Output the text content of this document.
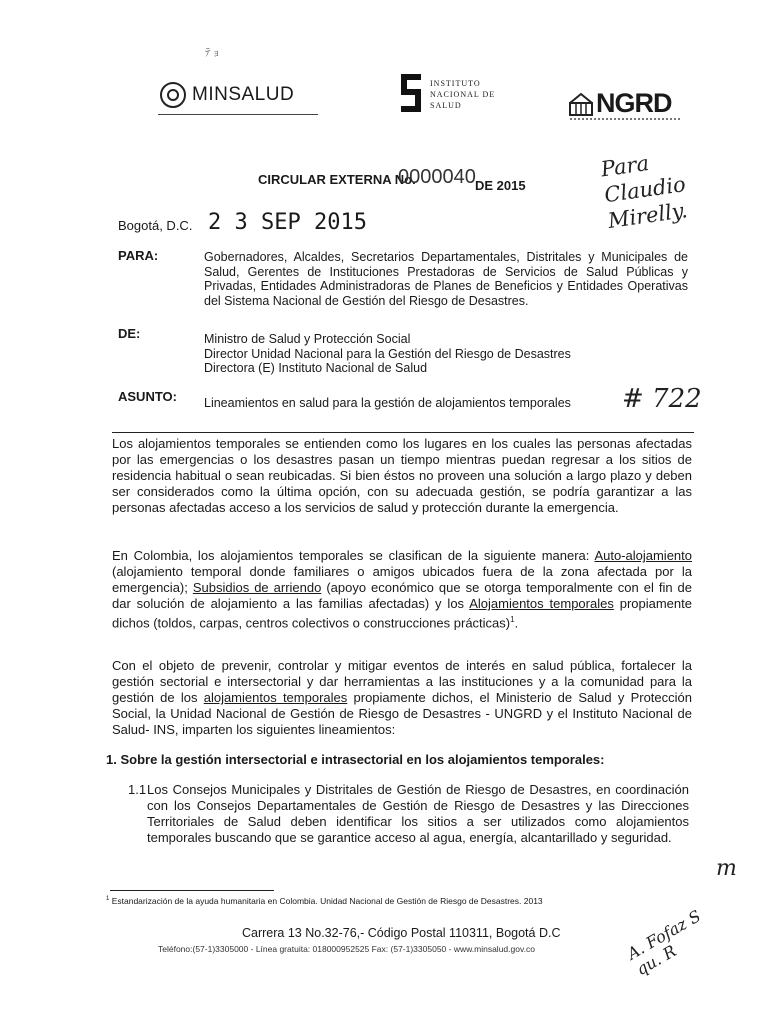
ﾃ ｮ
MINSALUD
INSTITUTO
NACIONAL DE
SALUD	NGRD
CIRCULAR EXTERNA No.
0000040 DE 2015
Para Claudio Mirelly.
Bogotá, D.C. 2 3 SEP 2015
PARA:	Gobernadores, Alcaldes, Secretarios Departamentales, Distritales y Municipales de Salud, Gerentes de Instituciones Prestadoras de Servicios de Salud Públicas y Privadas, Entidades Administradoras de Planes de Beneficios y Entidades Operativas del Sistema Nacional de Gestión del Riesgo de Desastres.
DE:	Ministro de Salud y Protección Social
Director Unidad Nacional para la Gestión del Riesgo de Desastres
Directora (E) Instituto Nacional de Salud
ASUNTO: Lineamientos en salud para la gestión de alojamientos temporales # 722
Los alojamientos temporales se entienden como los lugares en los cuales las personas afectadas por las emergencias o los desastres pasan un tiempo mientras puedan regresar a los sitios de residencia habitual o sean reubicadas. Si bien éstos no proveen una solución a largo plazo y deben ser considerados como la última opción, con su adecuada gestión, se podría garantizar a las personas afectadas acceso a los servicios de salud y protección durante la emergencia.
En Colombia, los alojamientos temporales se clasifican de la siguiente manera: Auto-alojamiento (alojamiento temporal donde familiares o amigos ubicados fuera de la zona afectada por la emergencia); Subsidios de arriendo (apoyo económico que se otorga temporalmente con el fin de dar solución de alojamiento a las familias afectadas) y los Alojamientos temporales propiamente dichos (toldos, carpas, centros colectivos o construcciones prácticas)$^1$.
Con el objeto de prevenir, controlar y mitigar eventos de interés en salud pública, fortalecer la gestión sectorial e intersectorial y dar herramientas a las instituciones y a la comunidad para la gestión de los alojamientos temporales propiamente dichos, el Ministerio de Salud y Protección Social, la Unidad Nacional de Gestión de Riesgo de Desastres - UNGRD y el Instituto Nacional de Salud- INS, imparten los siguientes lineamientos:
1. Sobre la gestión intersectorial e intrasectorial en los alojamientos temporales:
1.1 Los Consejos Municipales y Distritales de Gestión de Riesgo de Desastres, en coordinación con los Consejos Departamentales de Gestión de Riesgo de Desastres y las Direcciones Territoriales de Salud deben identificar los sitios a ser utilizados como alojamientos temporales buscando que se garantice acceso al agua, energía, alcantarillado y seguridad.
m
$^1$ Estandarización de la ayuda humanitaria en Colombia. Unidad Nacional de Gestión de Riesgo de Desastres. 2013
Carrera 13 No.32-76,- Código Postal 110311, Bogotá D.C
Teléfono:(57-1)3305000 - Línea gratuita: 018000952525 Fax: (57-1)3305050 - www.minsalud.gov.co	A. Fofaz S qu. R
